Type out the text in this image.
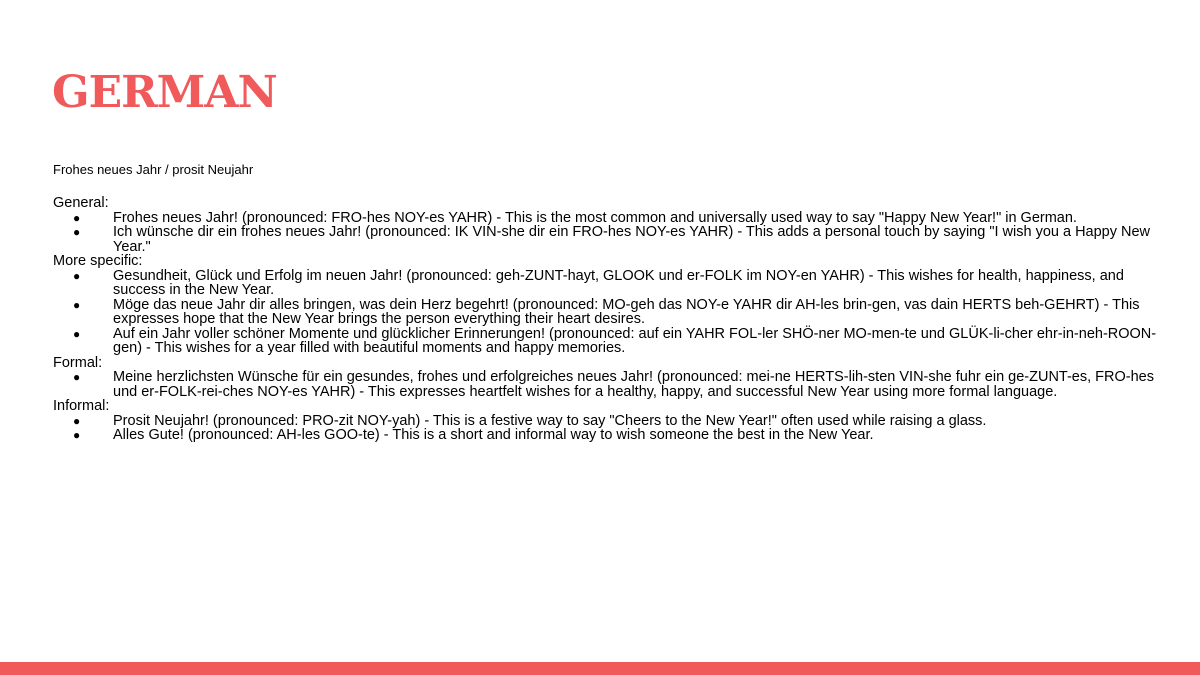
GERMAN

Frohes neues Jahr / prosit Neujahr

General:

● Frohes neues Jahr! (pronounced: FRO-hes NOY-es YAHR) - This is the most common and universally used way to say "Happy New Year!" in German.
● Ich wünsche dir ein frohes neues Jahr! (pronounced: IK VIN-she dir ein FRO-hes NOY-es YAHR) - This adds a personal touch by saying "I wish you a Happy New Year."

More specific:

● Gesundheit, Glück und Erfolg im neuen Jahr! (pronounced: geh-ZUNT-hayt, GLOOK und er-FOLK im NOY-en YAHR) - This wishes for health, happiness, and success in the New Year.
● Möge das neue Jahr dir alles bringen, was dein Herz begehrt! (pronounced: MO-geh das NOY-e YAHR dir AH-les brin-gen, vas dain HERTS beh-GEHRT) - This expresses hope that the New Year brings the person everything their heart desires.
● Auf ein Jahr voller schöner Momente und glücklicher Erinnerungen! (pronounced: auf ein YAHR FOL-ler SHÖ-ner MO-men-te und GLÜK-li-cher ehr-in-neh-ROON-gen) - This wishes for a year filled with beautiful moments and happy memories.

Formal:

● Meine herzlichsten Wünsche für ein gesundes, frohes und erfolgreiches neues Jahr! (pronounced: mei-ne HERTS-lih-sten VIN-she fuhr ein ge-ZUNT-es, FRO-hes und er-FOLK-rei-ches NOY-es YAHR) - This expresses heartfelt wishes for a healthy, happy, and successful New Year using more formal language.

Informal:

● Prosit Neujahr! (pronounced: PRO-zit NOY-yah) - This is a festive way to say "Cheers to the New Year!" often used while raising a glass.
● Alles Gute! (pronounced: AH-les GOO-te) - This is a short and informal way to wish someone the best in the New Year.
